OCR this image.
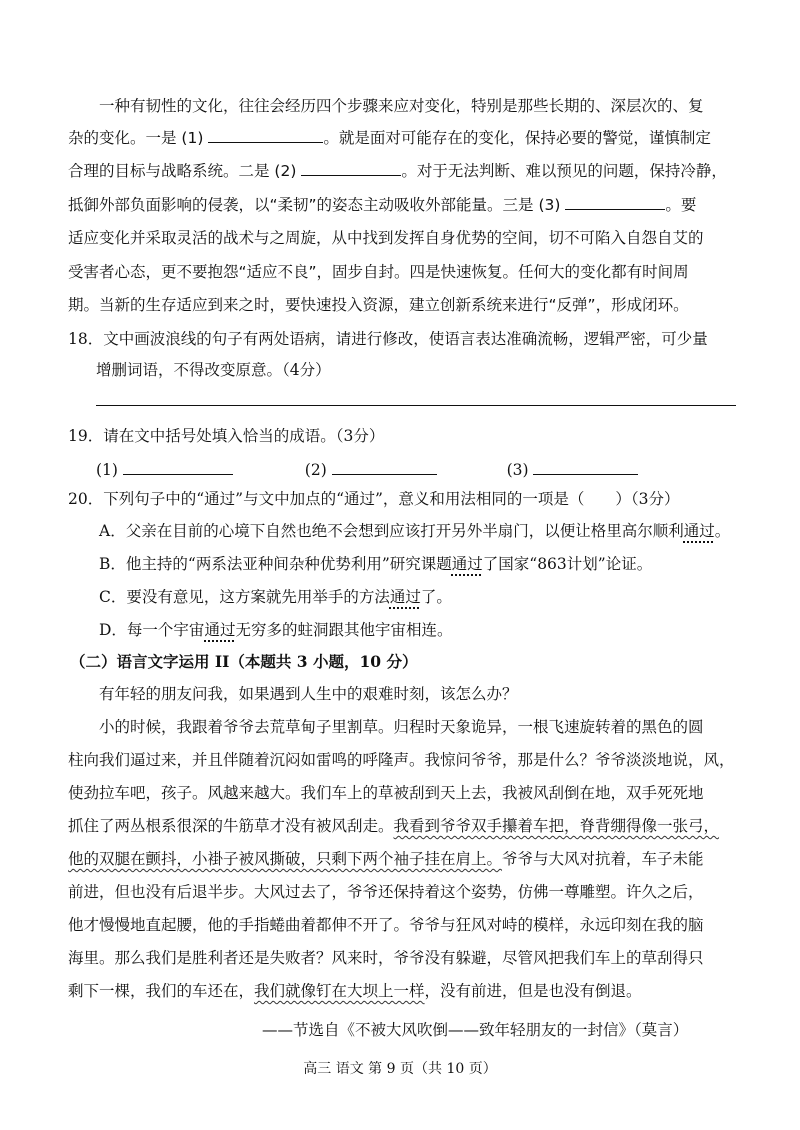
一种有韧性的文化，往往会经历四个步骤来应对变化，特别是那些长期的、深层次的、复
杂的变化。一是 (1)	。就是面对可能存在的变化，保持必要的警觉，谨慎制定
合理的目标与战略系统。二是 (2)	。对于无法判断、难以预见的问题，保持冷静，
抵御外部负面影响的侵袭，以“柔韧”的姿态主动吸收外部能量。三是 (3)	。要
适应变化并采取灵活的战术与之周旋，从中找到发挥自身优势的空间，切不可陷入自怨自艾的
受害者心态，更不要抱怨“适应不良”，固步自封。四是快速恢复。任何大的变化都有时间周
期。当新的生存适应到来之时，要快速投入资源，建立创新系统来进行“反弹”，形成闭环。
18．文中画波浪线的句子有两处语病，请进行修改，使语言表达准确流畅，逻辑严密，可少量
增删词语，不得改变原意。（4分）
19．请在文中括号处填入恰当的成语。（3分）
(1)	(2)	(3)
20．下列句子中的“通过”与文中加点的“通过”，意义和用法相同的一项是（　　）（3分）
A．父亲在目前的心境下自然也绝不会想到应该打开另外半扇门，以便让格里高尔顺利通过。
B．他主持的“两系法亚种间杂种优势利用”研究课题通过了国家“863计划”论证。
C．要没有意见，这方案就先用举手的方法通过了。
D．每一个宇宙通过无穷多的蛀洞跟其他宇宙相连。
（二）语言文字运用 II（本题共 3 小题，10 分）
有年轻的朋友问我，如果遇到人生中的艰难时刻，该怎么办？
小的时候，我跟着爷爷去荒草甸子里割草。归程时天象诡异，一根飞速旋转着的黑色的圆
柱向我们逼过来，并且伴随着沉闷如雷鸣的呼隆声。我惊问爷爷，那是什么？爷爷淡淡地说，风，
使劲拉车吧，孩子。风越来越大。我们车上的草被刮到天上去，我被风刮倒在地，双手死死地
抓住了两丛根系很深的牛筋草才没有被风刮走。我看到爷爷双手攥着车把，脊背绷得像一张弓，
他的双腿在颤抖，小褂子被风撕破，只剩下两个袖子挂在肩上。爷爷与大风对抗着，车子未能
前进，但也没有后退半步。大风过去了，爷爷还保持着这个姿势，仿佛一尊雕塑。许久之后，
他才慢慢地直起腰，他的手指蜷曲着都伸不开了。爷爷与狂风对峙的模样，永远印刻在我的脑
海里。那么我们是胜利者还是失败者？风来时，爷爷没有躲避，尽管风把我们车上的草刮得只
剩下一棵，我们的车还在，我们就像钉在大坝上一样，没有前进，但是也没有倒退。
——节选自《不被大风吹倒——致年轻朋友的一封信》（莫言）
高三 语文 第 9 页（共 10 页）
